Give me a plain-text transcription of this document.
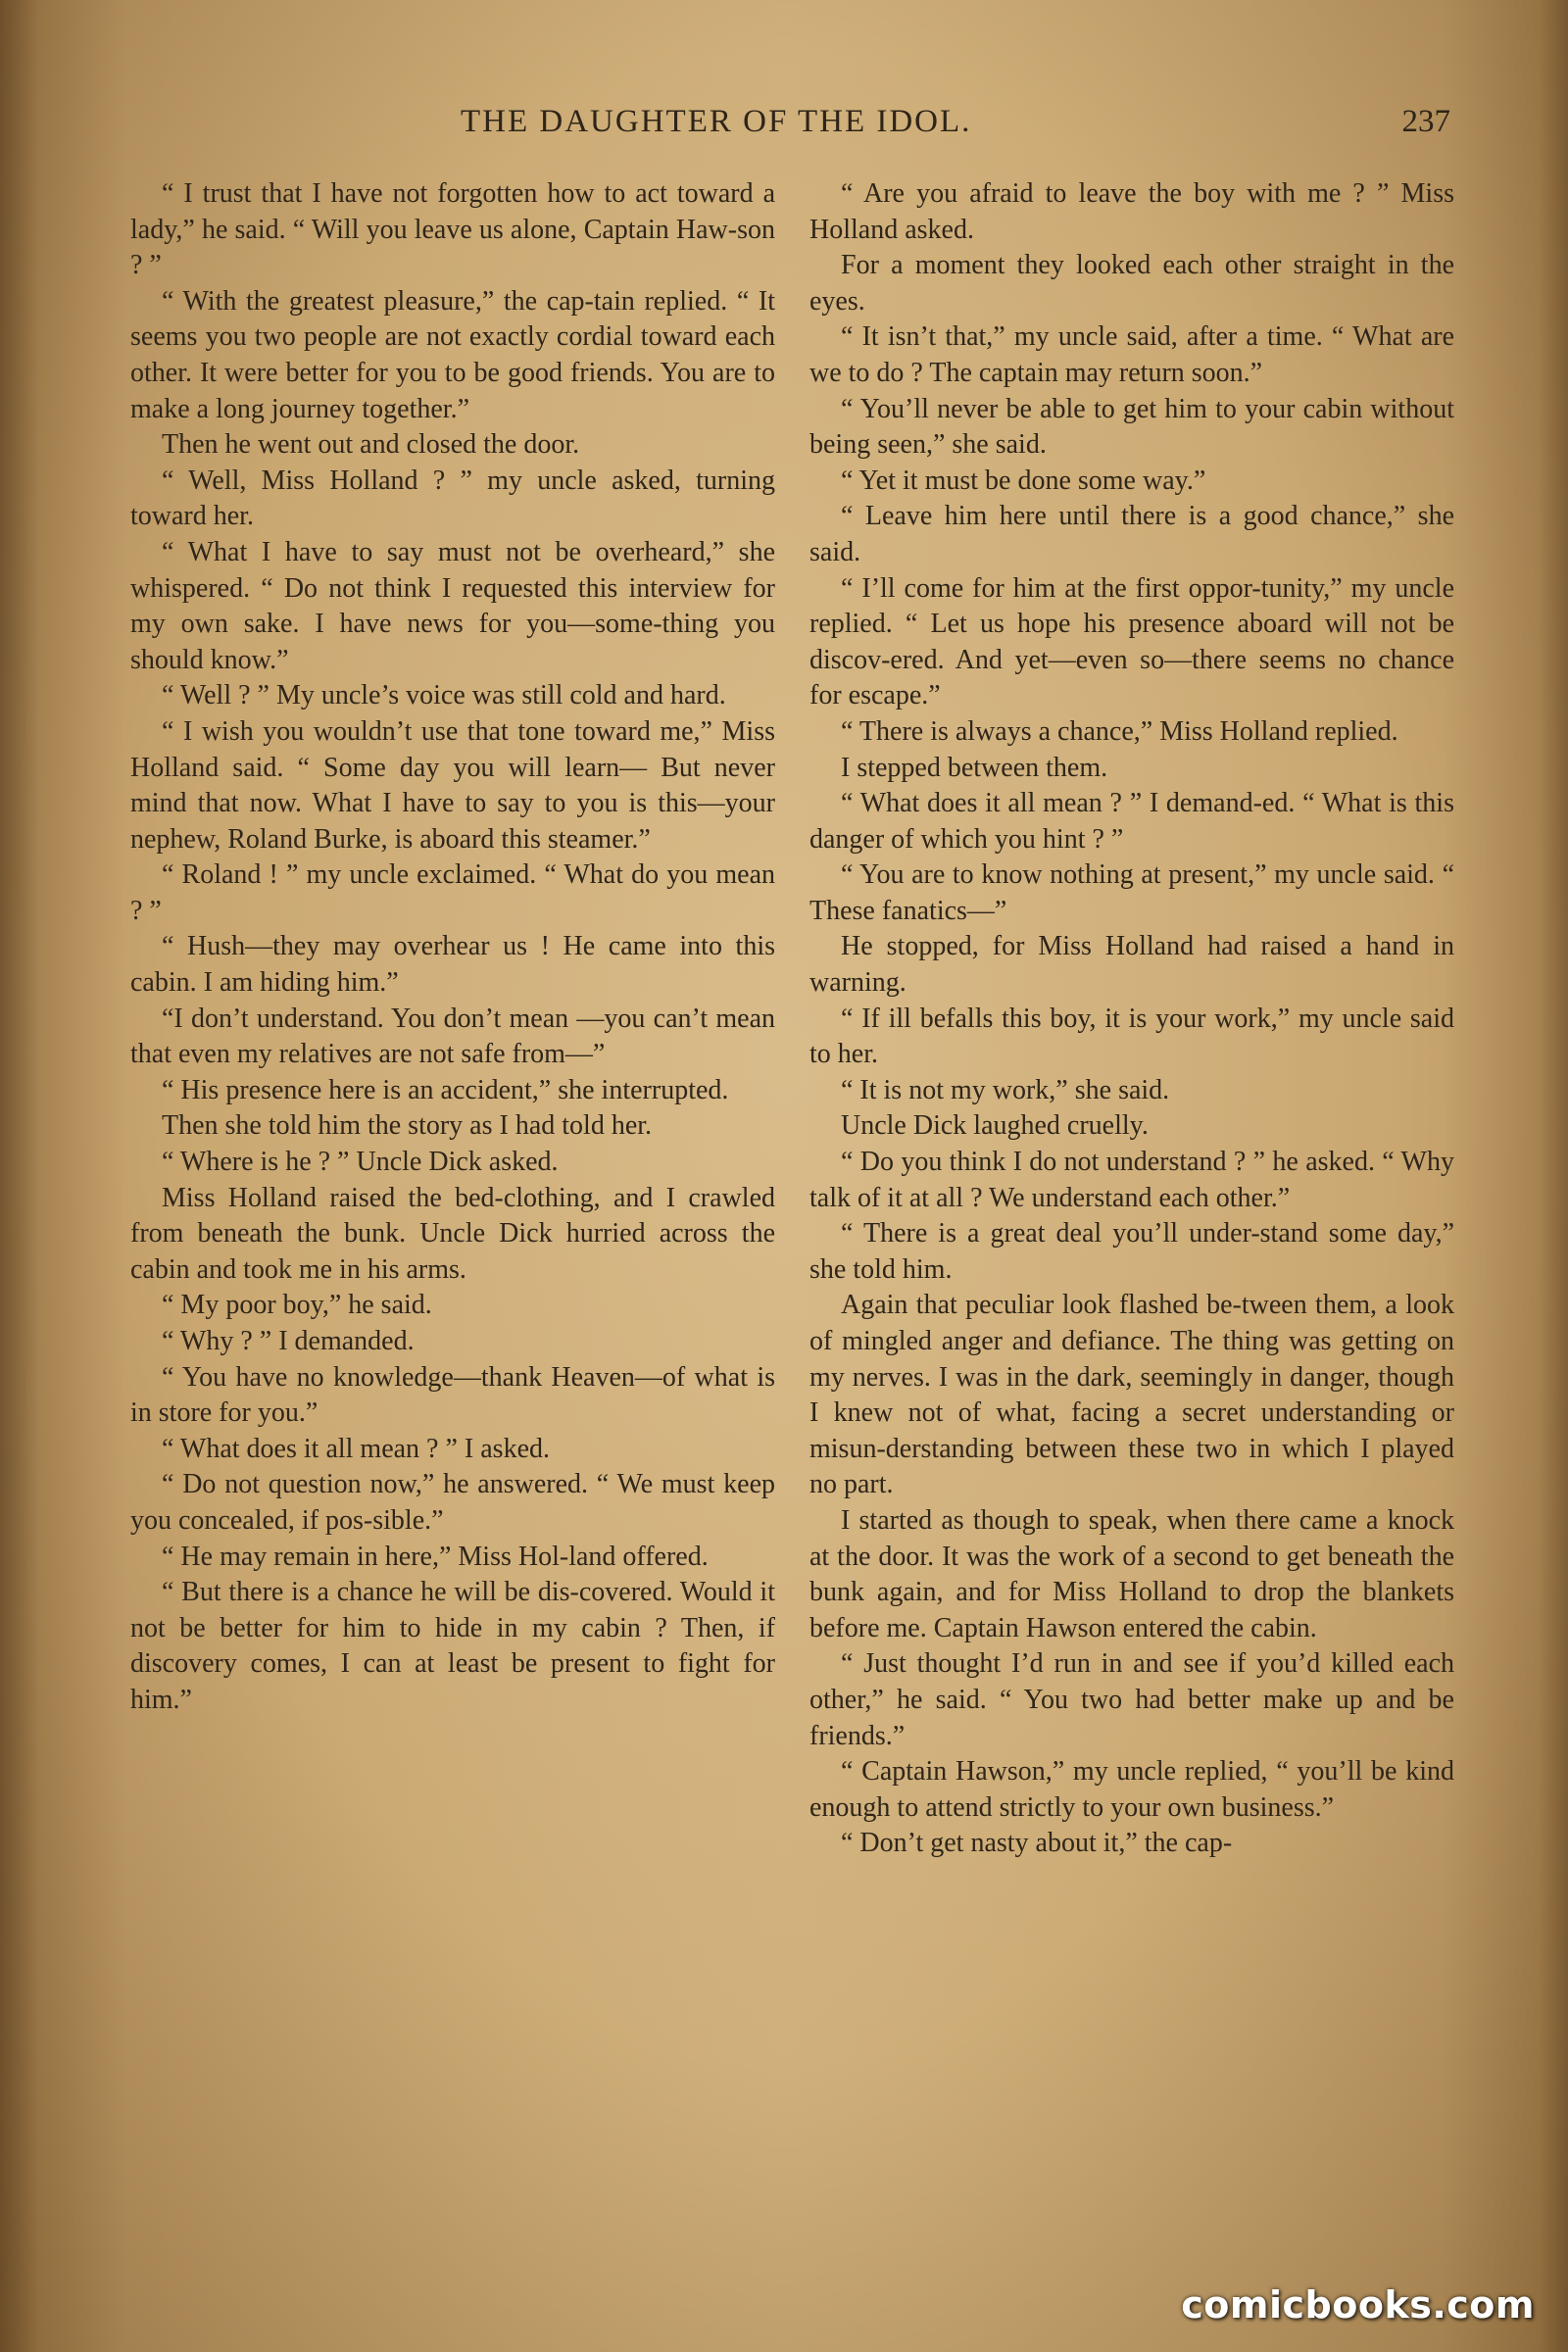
THE DAUGHTER OF THE IDOL.	237

“ I trust that I have not forgotten how to act toward a lady,” he said. “ Will you leave us alone, Captain Haw-son ? ”

“ With the greatest pleasure,” the cap-tain replied. “ It seems you two people are not exactly cordial toward each other. It were better for you to be good friends. You are to make a long journey together.”

Then he went out and closed the door.

“ Well, Miss Holland ? ” my uncle asked, turning toward her.

“ What I have to say must not be overheard,” she whispered. “ Do not think I requested this interview for my own sake. I have news for you—some-thing you should know.”

“ Well ? ” My uncle’s voice was still cold and hard.

“ I wish you wouldn’t use that tone toward me,” Miss Holland said. “ Some day you will learn— But never mind that now. What I have to say to you is this—your nephew, Roland Burke, is aboard this steamer.”

“ Roland ! ” my uncle exclaimed. “ What do you mean ? ”

“ Hush—they may overhear us ! He came into this cabin. I am hiding him.”

“I don’t understand. You don’t mean —you can’t mean that even my relatives are not safe from—”

“ His presence here is an accident,” she interrupted.

Then she told him the story as I had told her.

“ Where is he ? ” Uncle Dick asked.

Miss Holland raised the bed-clothing, and I crawled from beneath the bunk. Uncle Dick hurried across the cabin and took me in his arms.

“ My poor boy,” he said.

“ Why ? ” I demanded.

“ You have no knowledge—thank Heaven—of what is in store for you.”

“ What does it all mean ? ” I asked.

“ Do not question now,” he answered. “ We must keep you concealed, if pos-sible.”

“ He may remain in here,” Miss Hol-land offered.

“ But there is a chance he will be dis-covered. Would it not be better for him to hide in my cabin ? Then, if discovery comes, I can at least be present to fight for him.”

“ Are you afraid to leave the boy with me ? ” Miss Holland asked.

For a moment they looked each other straight in the eyes.

“ It isn’t that,” my uncle said, after a time. “ What are we to do ? The captain may return soon.”

“ You’ll never be able to get him to your cabin without being seen,” she said.

“ Yet it must be done some way.”

“ Leave him here until there is a good chance,” she said.

“ I’ll come for him at the first oppor-tunity,” my uncle replied. “ Let us hope his presence aboard will not be discov-ered. And yet—even so—there seems no chance for escape.”

“ There is always a chance,” Miss Holland replied.

I stepped between them.

“ What does it all mean ? ” I demand-ed. “ What is this danger of which you hint ? ”

“ You are to know nothing at present,” my uncle said. “ These fanatics—”

He stopped, for Miss Holland had raised a hand in warning.

“ If ill befalls this boy, it is your work,” my uncle said to her.

“ It is not my work,” she said.

Uncle Dick laughed cruelly.

“ Do you think I do not understand ? ” he asked. “ Why talk of it at all ? We understand each other.”

“ There is a great deal you’ll under-stand some day,” she told him.

Again that peculiar look flashed be-tween them, a look of mingled anger and defiance. The thing was getting on my nerves. I was in the dark, seemingly in danger, though I knew not of what, facing a secret understanding or misun-derstanding between these two in which I played no part.

I started as though to speak, when there came a knock at the door. It was the work of a second to get beneath the bunk again, and for Miss Holland to drop the blankets before me. Captain Hawson entered the cabin.

“ Just thought I’d run in and see if you’d killed each other,” he said. “ You two had better make up and be friends.”

“ Captain Hawson,” my uncle replied, “ you’ll be kind enough to attend strictly to your own business.”

“ Don’t get nasty about it,” the cap-

comicbooks.com
